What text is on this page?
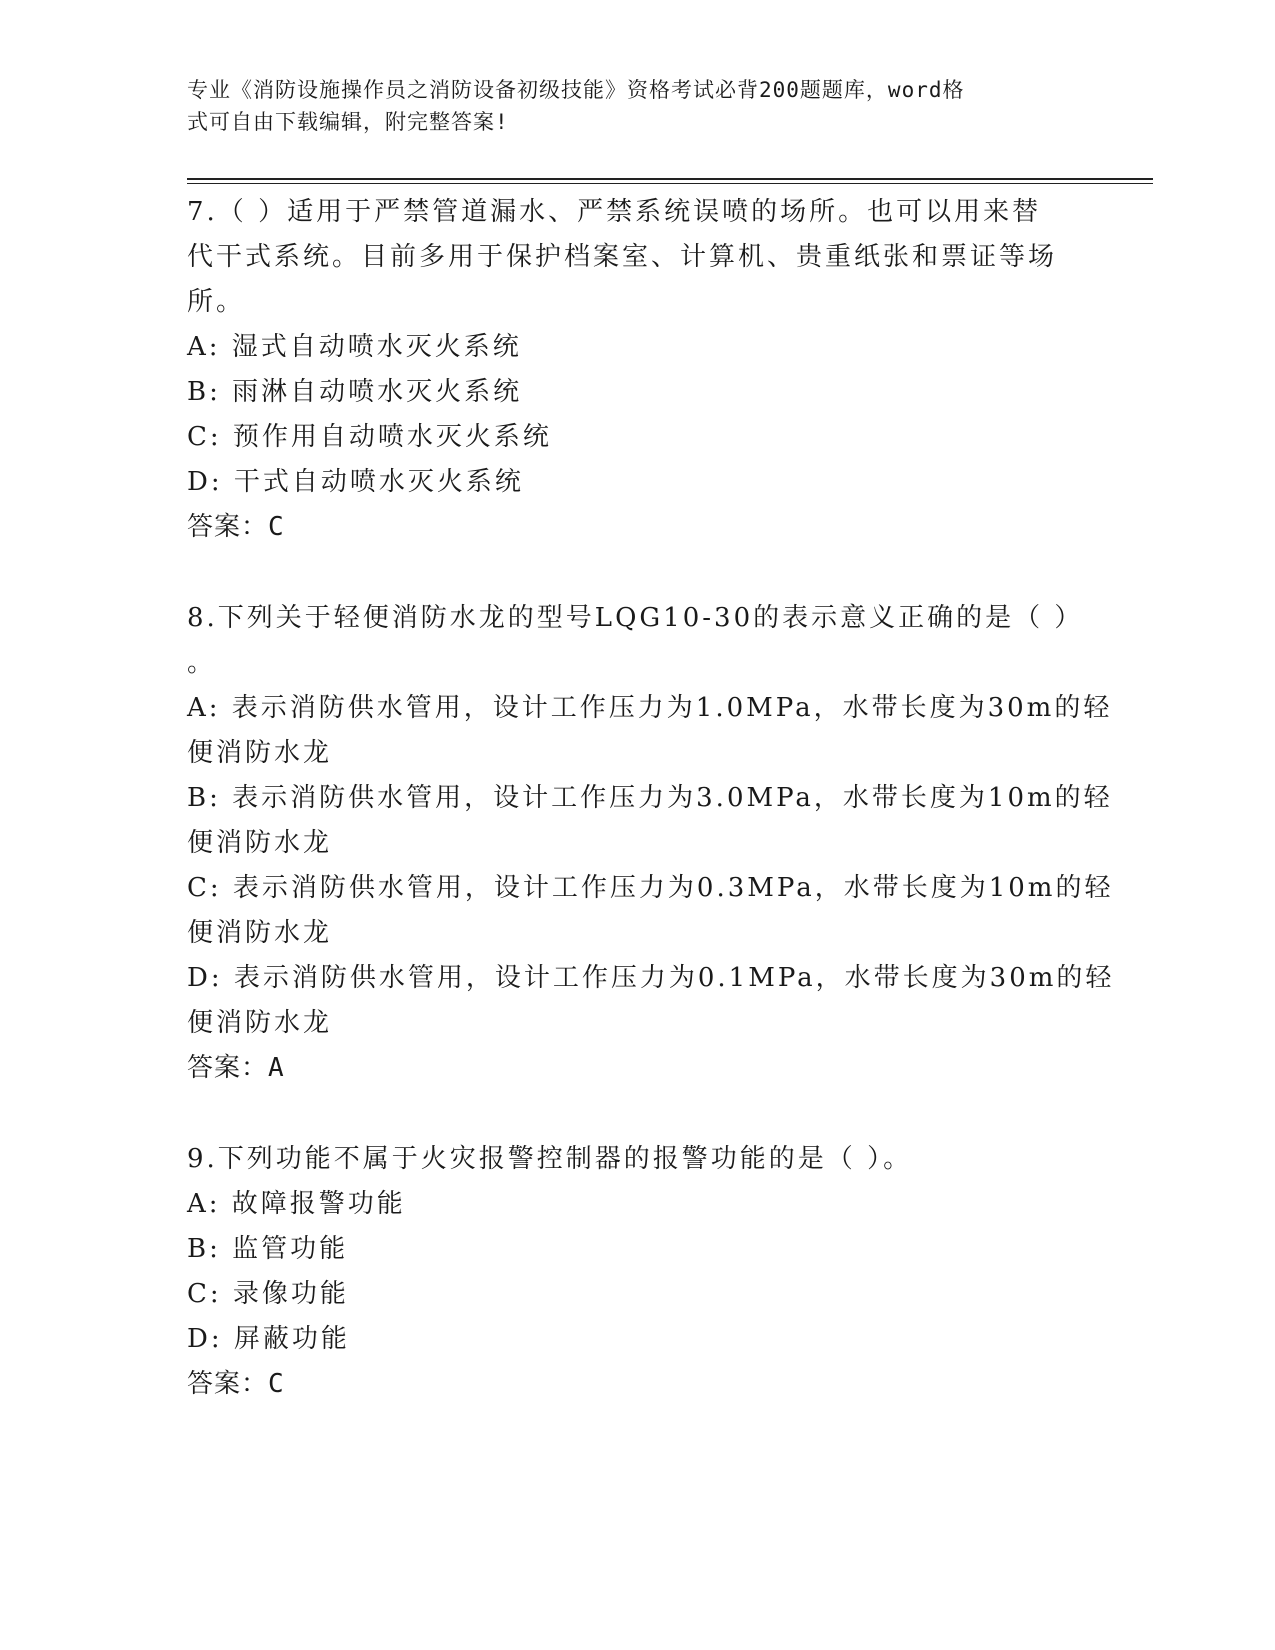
专业《消防设施操作员之消防设备初级技能》资格考试必背200题题库，word格
式可自由下载编辑，附完整答案!

7.（ ）适用于严禁管道漏水、严禁系统误喷的场所。也可以用来替

代干式系统。目前多用于保护档案室、计算机、贵重纸张和票证等场

所。

A: 湿式自动喷水灭火系统

B: 雨淋自动喷水灭火系统

C: 预作用自动喷水灭火系统

D: 干式自动喷水灭火系统

答案：C

8.下列关于轻便消防水龙的型号LQG10-30的表示意义正确的是（ ）

。

A: 表示消防供水管用，设计工作压力为1.0MPa，水带长度为30m的轻

便消防水龙

B: 表示消防供水管用，设计工作压力为3.0MPa，水带长度为10m的轻

便消防水龙

C: 表示消防供水管用，设计工作压力为0.3MPa，水带长度为10m的轻

便消防水龙

D: 表示消防供水管用，设计工作压力为0.1MPa，水带长度为30m的轻

便消防水龙

答案：A

9.下列功能不属于火灾报警控制器的报警功能的是（ ）。

A: 故障报警功能

B: 监管功能

C: 录像功能

D: 屏蔽功能

答案：C
